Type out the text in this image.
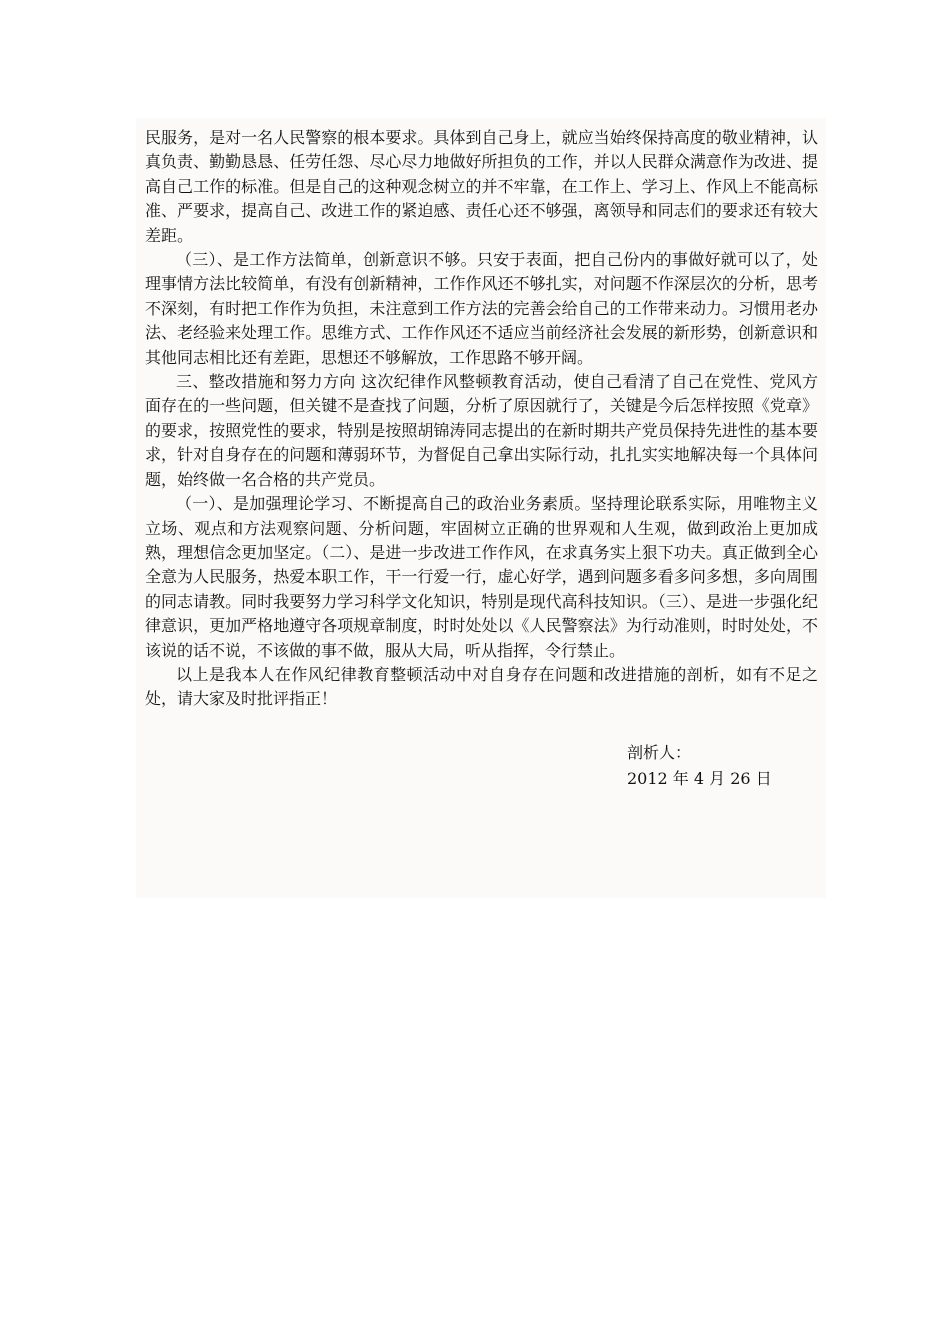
民服务，是对一名人民警察的根本要求。具体到自己身上，就应当始终保持高度的敬业精神，认真负责、勤勤恳恳、任劳任怨、尽心尽力地做好所担负的工作，并以人民群众满意作为改进、提高自己工作的标准。但是自己的这种观念树立的并不牢靠，在工作上、学习上、作风上不能高标准、严要求，提高自己、改进工作的紧迫感、责任心还不够强，离领导和同志们的要求还有较大差距。

（三）、是工作方法简单，创新意识不够。只安于表面，把自己份内的事做好就可以了，处理事情方法比较简单，有没有创新精神，工作作风还不够扎实，对问题不作深层次的分析，思考不深刻，有时把工作作为负担，未注意到工作方法的完善会给自己的工作带来动力。习惯用老办法、老经验来处理工作。思维方式、工作作风还不适应当前经济社会发展的新形势，创新意识和其他同志相比还有差距，思想还不够解放，工作思路不够开阔。

三、整改措施和努力方向 这次纪律作风整顿教育活动，使自己看清了自己在党性、党风方面存在的一些问题，但关键不是查找了问题，分析了原因就行了，关键是今后怎样按照《党章》的要求，按照党性的要求，特别是按照胡锦涛同志提出的在新时期共产党员保持先进性的基本要求，针对自身存在的问题和薄弱环节，为督促自己拿出实际行动，扎扎实实地解决每一个具体问题，始终做一名合格的共产党员。

（一）、是加强理论学习、不断提高自己的政治业务素质。坚持理论联系实际，用唯物主义立场、观点和方法观察问题、分析问题，牢固树立正确的世界观和人生观，做到政治上更加成熟，理想信念更加坚定。（二）、是进一步改进工作作风，在求真务实上狠下功夫。真正做到全心全意为人民服务，热爱本职工作，干一行爱一行，虚心好学，遇到问题多看多问多想，多向周围的同志请教。同时我要努力学习科学文化知识，特别是现代高科技知识。（三）、是进一步强化纪律意识，更加严格地遵守各项规章制度，时时处处以《人民警察法》为行动准则，时时处处，不该说的话不说，不该做的事不做，服从大局，听从指挥，令行禁止。

以上是我本人在作风纪律教育整顿活动中对自身存在问题和改进措施的剖析，如有不足之处，请大家及时批评指正！

剖析人：
2012 年 4 月 26 日
